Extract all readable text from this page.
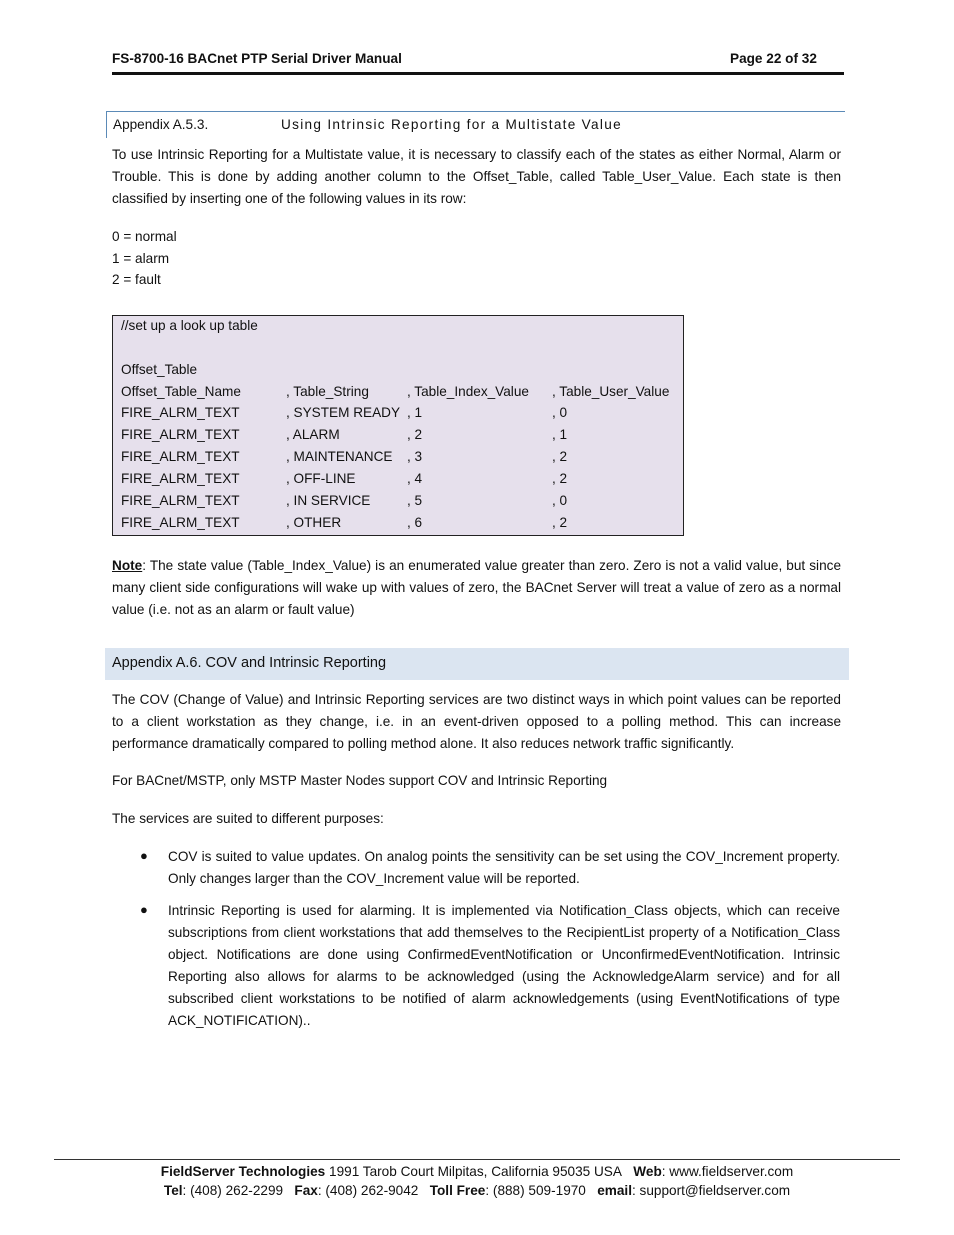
FS-8700-16 BACnet PTP Serial Driver Manual	Page 22 of 32
Appendix A.5.3.	Using Intrinsic Reporting for a Multistate Value

To use Intrinsic Reporting for a Multistate value, it is necessary to classify each of the states as either Normal, Alarm or Trouble. This is done by adding another column to the Offset_Table, called Table_User_Value. Each state is then classified by inserting one of the following values in its row:

0 = normal
1 = alarm
2 = fault
//set up a look up table
Offset_Table
Offset_Table_Name	, Table_String	, Table_Index_Value , Table_User_Value
FIRE_ALRM_TEXT	, SYSTEM READY , 1	, 0
FIRE_ALRM_TEXT	, ALARM	, 2	, 1
FIRE_ALRM_TEXT	, MAINTENANCE , 3	, 2
FIRE_ALRM_TEXT	, OFF-LINE	, 4	, 2
FIRE_ALRM_TEXT	, IN SERVICE	, 5	, 0
FIRE_ALRM_TEXT	, OTHER	, 6	, 2

Note: The state value (Table_Index_Value) is an enumerated value greater than zero. Zero is not a valid value, but since many client side configurations will wake up with values of zero, the BACnet Server will treat a value of zero as a normal value (i.e. not as an alarm or fault value)

Appendix A.6. COV and Intrinsic Reporting

The COV (Change of Value) and Intrinsic Reporting services are two distinct ways in which point values can be reported to a client workstation as they change, i.e. in an event-driven opposed to a polling method. This can increase performance dramatically compared to polling method alone. It also reduces network traffic significantly.

For BACnet/MSTP, only MSTP Master Nodes support COV and Intrinsic Reporting

The services are suited to different purposes:

● COV is suited to value updates. On analog points the sensitivity can be set using the COV_Increment property. Only changes larger than the COV_Increment value will be reported.
● Intrinsic Reporting is used for alarming. It is implemented via Notification_Class objects, which can receive subscriptions from client workstations that add themselves to the RecipientList property of a Notification_Class object. Notifications are done using ConfirmedEventNotification or UnconfirmedEventNotification. Intrinsic Reporting also allows for alarms to be acknowledged (using the AcknowledgeAlarm service) and for all subscribed client workstations to be notified of alarm acknowledgements (using EventNotifications of type ACK_NOTIFICATION)..
FieldServer Technologies 1991 Tarob Court Milpitas, California 95035 USA Web: www.fieldserver.com
Tel: (408) 262-2299 Fax: (408) 262-9042 Toll Free: (888) 509-1970 email: support@fieldserver.com
